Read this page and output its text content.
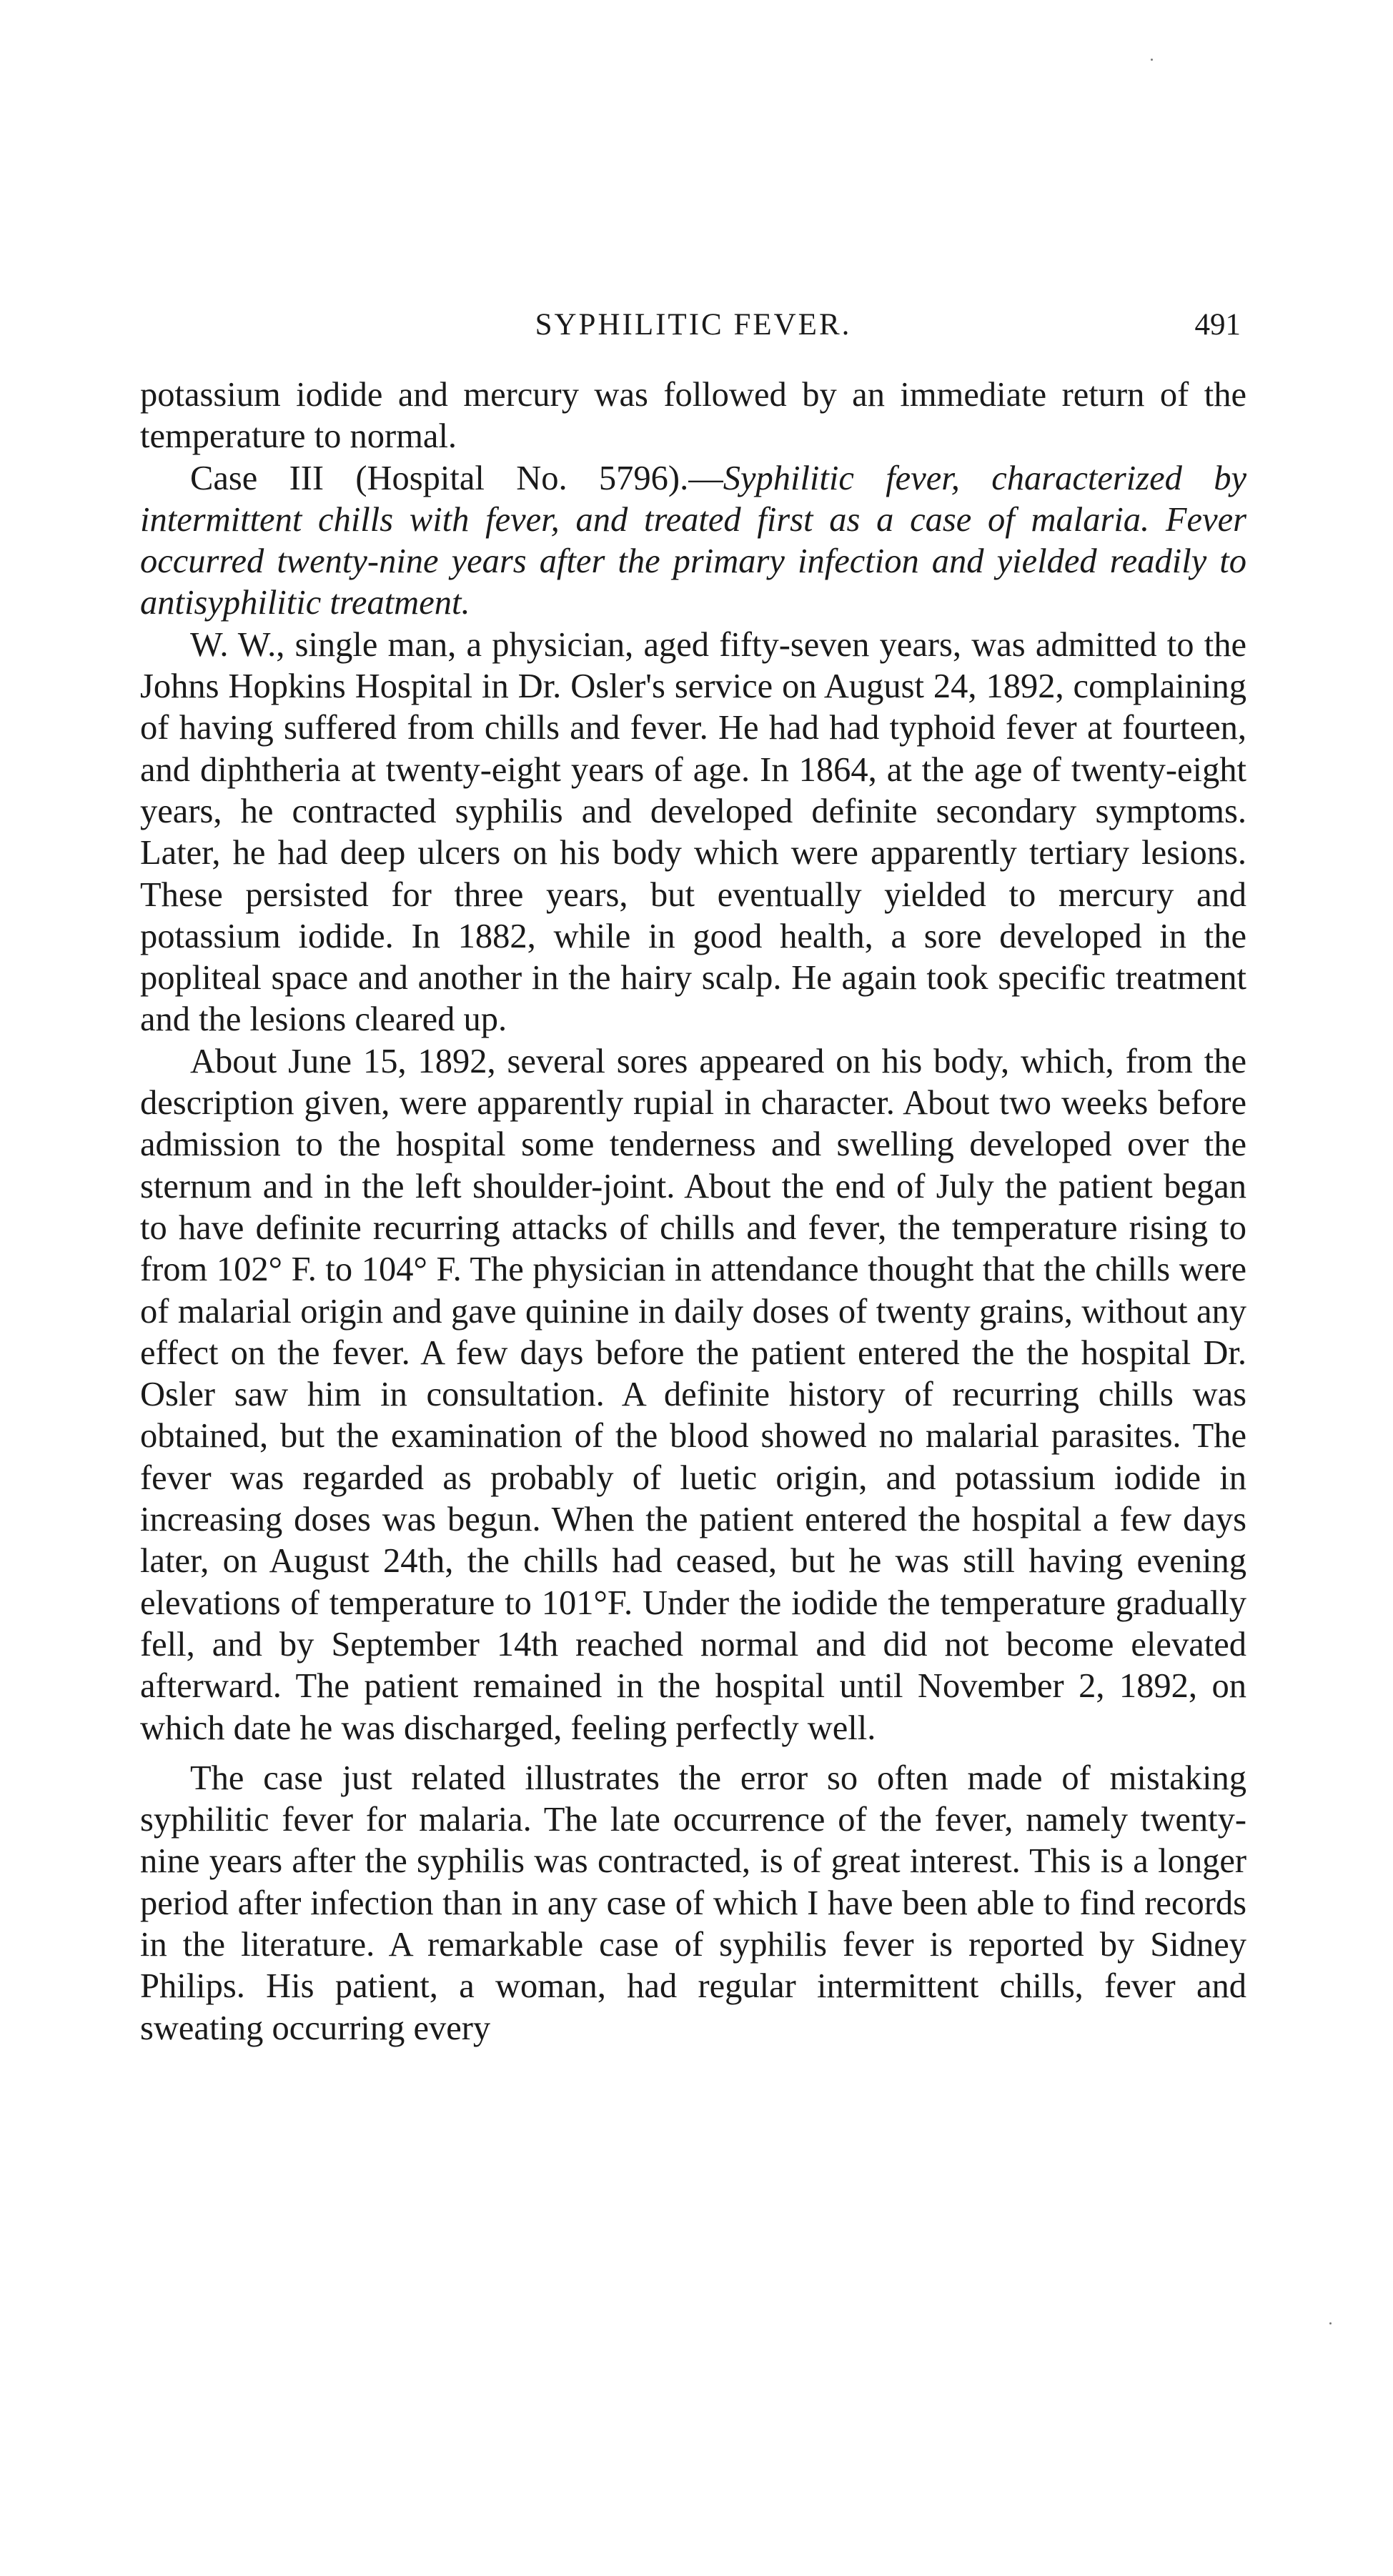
SYPHILITIC FEVER.	491

potassium iodide and mercury was followed by an immediate return of the temperature to normal.

Case III (Hospital No. 5796).—Syphilitic fever, characterized by intermittent chills with fever, and treated first as a case of malaria. Fever occurred twenty-nine years after the primary infection and yielded readily to antisyphilitic treatment.

W. W., single man, a physician, aged fifty-seven years, was admitted to the Johns Hopkins Hospital in Dr. Osler's service on August 24, 1892, complaining of having suffered from chills and fever. He had had typhoid fever at fourteen, and diphtheria at twenty-eight years of age. In 1864, at the age of twenty-eight years, he contracted syphilis and developed definite secondary symptoms. Later, he had deep ulcers on his body which were apparently tertiary lesions. These persisted for three years, but eventually yielded to mercury and potassium iodide. In 1882, while in good health, a sore developed in the popliteal space and another in the hairy scalp. He again took specific treatment and the lesions cleared up.

About June 15, 1892, several sores appeared on his body, which, from the description given, were apparently rupial in character. About two weeks before admission to the hospital some tenderness and swelling developed over the sternum and in the left shoulder-joint. About the end of July the patient began to have definite recurring attacks of chills and fever, the temperature rising to from 102° F. to 104° F. The physician in attendance thought that the chills were of malarial origin and gave quinine in daily doses of twenty grains, without any effect on the fever. A few days before the patient entered the the hospital Dr. Osler saw him in consultation. A definite history of recurring chills was obtained, but the examination of the blood showed no malarial parasites. The fever was regarded as probably of luetic origin, and potassium iodide in increasing doses was begun. When the patient entered the hospital a few days later, on August 24th, the chills had ceased, but he was still having evening elevations of temperature to 101°F. Under the iodide the temperature gradually fell, and by September 14th reached normal and did not become elevated afterward. The patient remained in the hospital until November 2, 1892, on which date he was discharged, feeling perfectly well.

The case just related illustrates the error so often made of mistaking syphilitic fever for malaria. The late occurrence of the fever, namely twenty-nine years after the syphilis was contracted, is of great interest. This is a longer period after infection than in any case of which I have been able to find records in the literature. A remarkable case of syphilis fever is reported by Sidney Philips. His patient, a woman, had regular intermittent chills, fever and sweating occurring every
